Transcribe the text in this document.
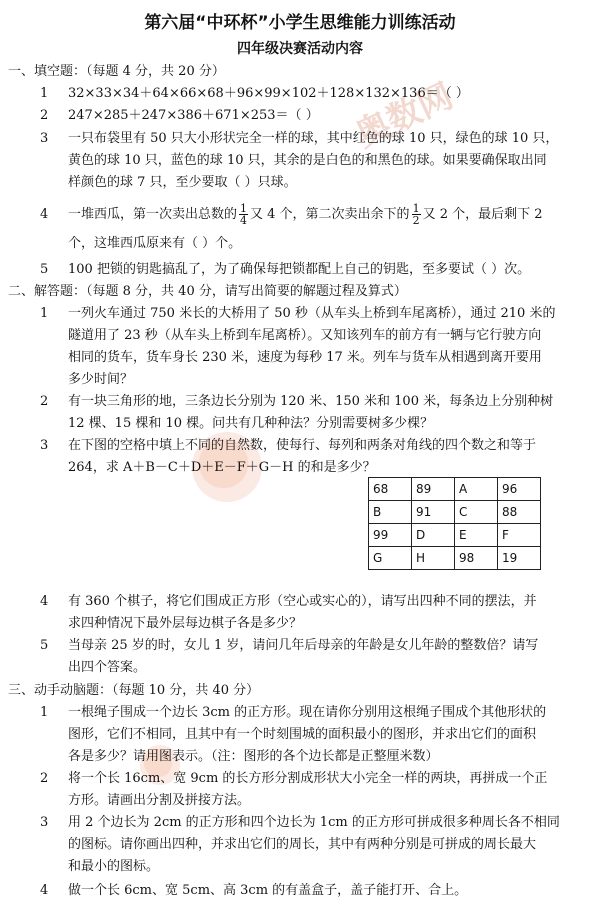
奥数网
第六届“中环杯”小学生思维能力训练活动
四年级决赛活动内容
一、填空题：（每题 4 分，共 20 分）
1 32×33×34＋64×66×68＋96×99×102＋128×132×136＝（ ）
2 247×285＋247×386＋671×253＝（ ）
3 一只布袋里有 50 只大小形状完全一样的球，其中红色的球 10 只，绿色的球 10 只，
黄色的球 10 只，蓝色的球 10 只，其余的是白色的和黑色的球。如果要确保取出同
样颜色的球 7 只，至少要取（ ）只球。
4 一堆西瓜，第一次卖出总数的 $\frac{1}{4}$ 又 4 个，第二次卖出余下的 $\frac{1}{2}$ 又 2 个，最后剩下 2
个，这堆西瓜原来有（ ）个。
5 100 把锁的钥匙搞乱了，为了确保每把锁都配上自己的钥匙，至多要试（ ）次。
二、解答题：（每题 8 分，共 40 分，请写出简要的解题过程及算式）
1 一列火车通过 750 米长的大桥用了 50 秒（从车头上桥到车尾离桥），通过 210 米的
隧道用了 23 秒（从车头上桥到车尾离桥）。又知该列车的前方有一辆与它行驶方向
相同的货车，货车身长 230 米，速度为每秒 17 米。列车与货车从相遇到离开要用
多少时间？
2 有一块三角形的地，三条边长分别为 120 米、150 米和 100 米，每条边上分别种树
12 棵、15 棵和 10 棵。问共有几种种法？分别需要树多少棵？
3 在下图的空格中填上不同的自然数，使每行、每列和两条对角线的四个数之和等于
264，求 A＋B－C＋D＋E－F＋G－H 的和是多少？
68	89	A	96
B	91	C	88
99	D	E	F
G	H	98	19
4 有 360 个棋子，将它们围成正方形（空心或实心的），请写出四种不同的摆法，并
求四种情况下最外层每边棋子各是多少？
5 当母亲 25 岁的时，女儿 1 岁，请问几年后母亲的年龄是女儿年龄的整数倍？请写
出四个答案。
三、动手动脑题：（每题 10 分，共 40 分）
1 一根绳子围成一个边长 3cm 的正方形。现在请你分别用这根绳子围成个其他形状的
图形，它们不相同，且其中有一个时刻围城的面积最小的图形，并求出它们的面积
各是多少？请用图表示。（注：图形的各个边长都是正整厘米数）
2 将一个长 16cm、宽 9cm 的长方形分割成形状大小完全一样的两块，再拼成一个正
方形。请画出分割及拼接方法。
3 用 2 个边长为 2cm 的正方形和四个边长为 1cm 的正方形可拼成很多种周长各不相同
的图标。请你画出四种，并求出它们的周长，其中有两种分别是可拼成的周长最大
和最小的图标。
4 做一个长 6cm、宽 5cm、高 3cm 的有盖盒子，盖子能打开、合上。
